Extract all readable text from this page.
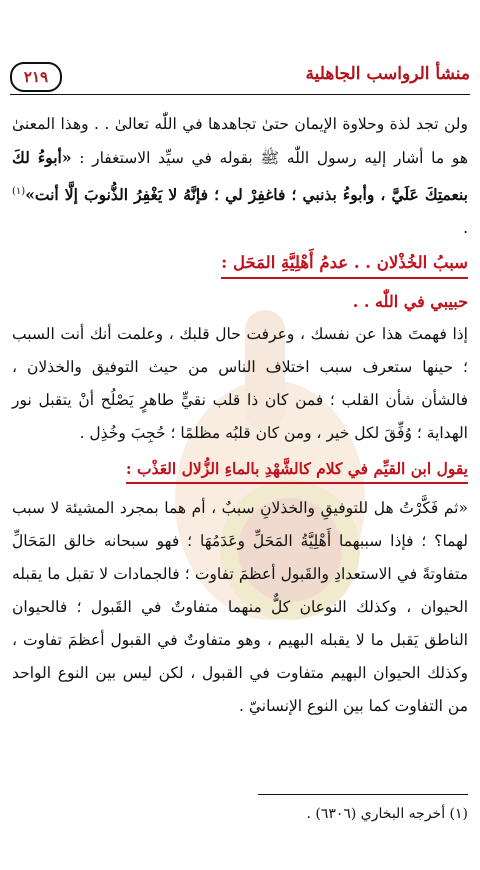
منشأ الرواسب الجاهلية
٢١٩

ولن تجد لذة وحلاوة الإيمان حتىٰ تجاهدها في اللّٰه تعالىٰ . . وهذا المعنىٰ هو ما أشار إليه رسول اللّٰه ﷺ بقوله في سيِّد الاستغفار : «أبوءُ لكَ بنعمتِكَ عَلَيَّ ، وأبوءُ بذنبي ؛ فاغفِرْ لي ؛ فإنَّهُ لا يَغْفِرُ الذُّنوبَ إلَّا أنت»$^{(١)}$ .

سببُ الخُذْلان . . عدمُ أَهْلِيَّةِ المَحَل :

حبيبي في اللّٰه . .

إذا فهمتَ هذا عن نفسك ، وعرفت حال قلبك ، وعلمت أنك أنت السبب ؛ حينها ستعرف سبب اختلاف الناس من حيث التوفيق والخذلان ، فالشأن شأن القلب ؛ فمن كان ذا قلب نقيٍّ طاهرٍ يَصْلُح أنْ يتقبل نور الهداية ؛ وُفِّقَ لكل خير ، ومن كان قلبُه مظلمًا ؛ حُجِبَ وخُذِل .

يقول ابن القيِّم في كلام كالشَّهْدِ بالماءِ الزُّلال العَذْب :

«ثم فَكَّرْتُ هل للتوفيقِ والخذلانِ سببٌ ، أم هما بمجرد المشيئة لا سبب لهما؟ ؛ فإذا سببهما أَهْلِيَّةُ المَحَلِّ وعَدَمُهَا ؛ فهو سبحانه خالق المَحَالِّ متفاوتةً في الاستعدادِ والقَبول أعظمَ تفاوت ؛ فالجمادات لا تقبل ما يقبله الحيوان ، وكذلك النوعان كلٌّ منهما متفاوتٌ في القَبول ؛ فالحيوان الناطق يَقبل ما لا يقبله البهيم ، وهو متفاوتٌ في القبول أعظمَ تفاوت ، وكذلك الحيوان البهيم متفاوت في القبول ، لكن ليس بين النوع الواحد من التفاوت كما بين النوع الإنسانيّ .

(١) أخرجه البخاري (٦٣٠٦) .
